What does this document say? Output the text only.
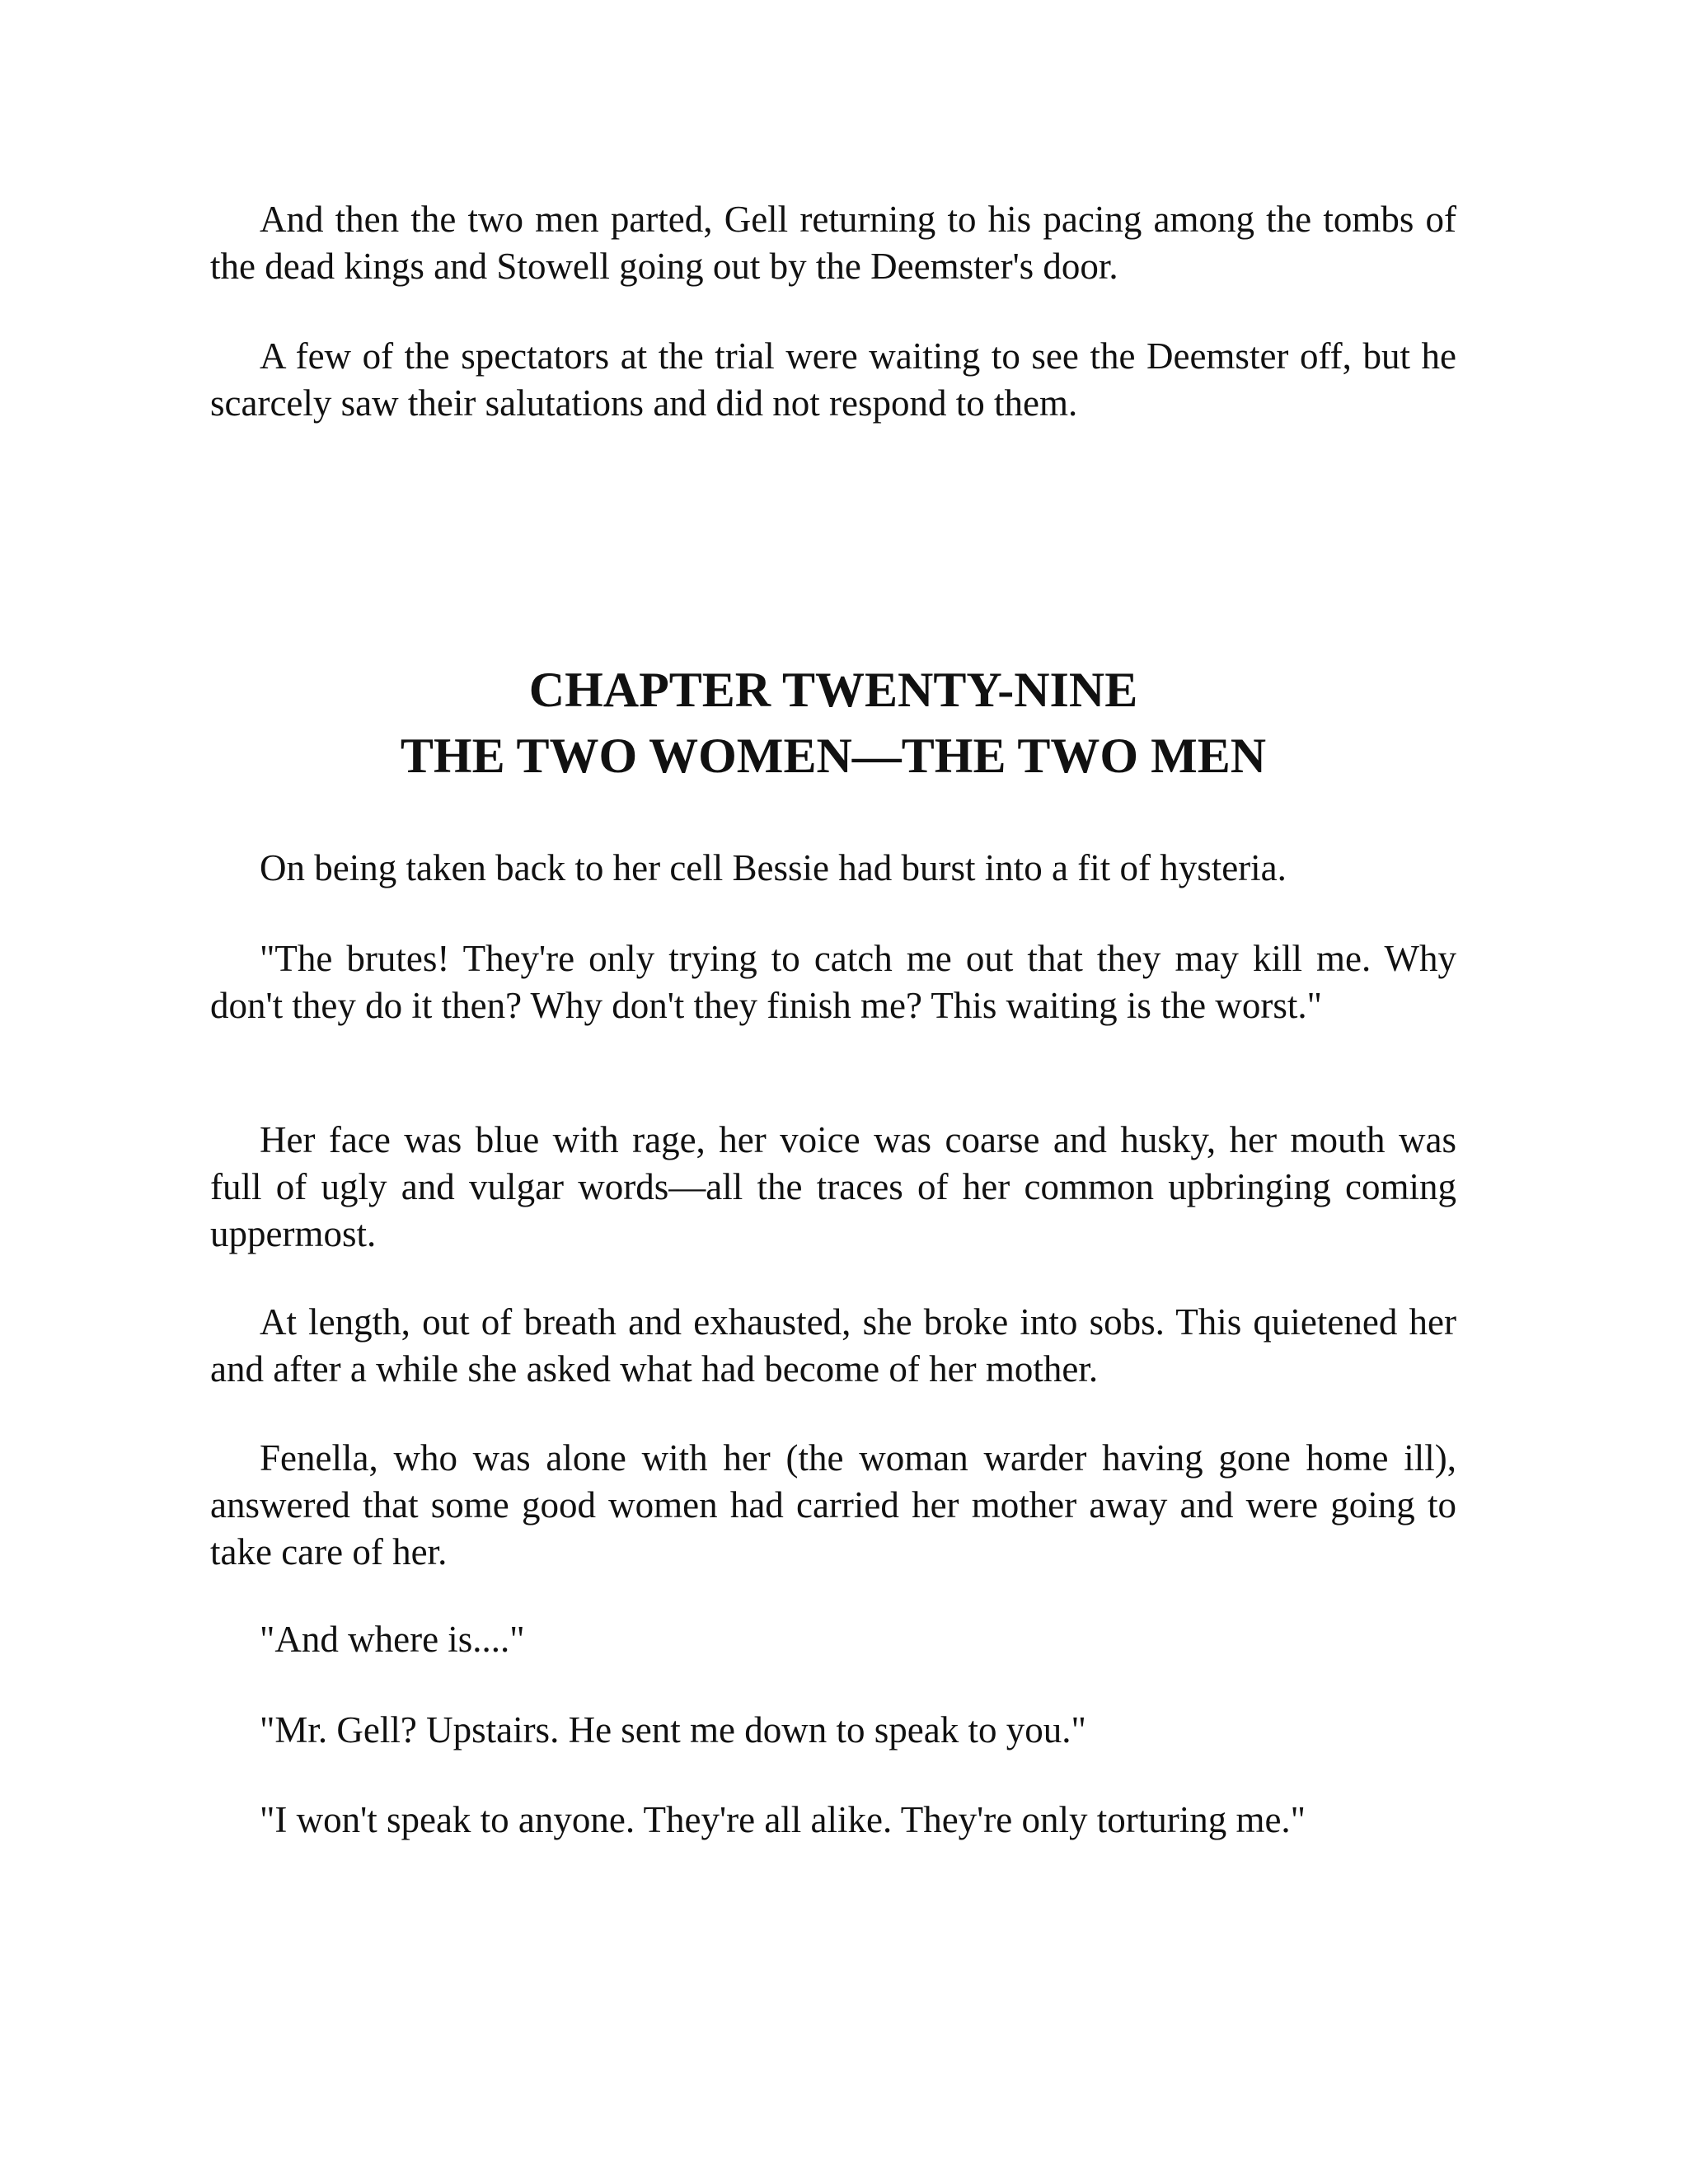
And then the two men parted, Gell returning to his pacing among the tombs of the dead kings and Stowell going out by the Deemster's door.

A few of the spectators at the trial were waiting to see the Deemster off, but he scarcely saw their salutations and did not respond to them.

CHAPTER TWENTY-NINE
THE TWO WOMEN—THE TWO MEN

On being taken back to her cell Bessie had burst into a fit of hysteria.

"The brutes! They're only trying to catch me out that they may kill me. Why don't they do it then? Why don't they finish me? This waiting is the worst."

Her face was blue with rage, her voice was coarse and husky, her mouth was full of ugly and vulgar words—all the traces of her common upbringing coming uppermost.

At length, out of breath and exhausted, she broke into sobs. This quietened her and after a while she asked what had become of her mother.

Fenella, who was alone with her (the woman warder having gone home ill), answered that some good women had carried her mother away and were going to take care of her.

"And where is...."

"Mr. Gell? Upstairs. He sent me down to speak to you."

"I won't speak to anyone. They're all alike. They're only torturing me."
